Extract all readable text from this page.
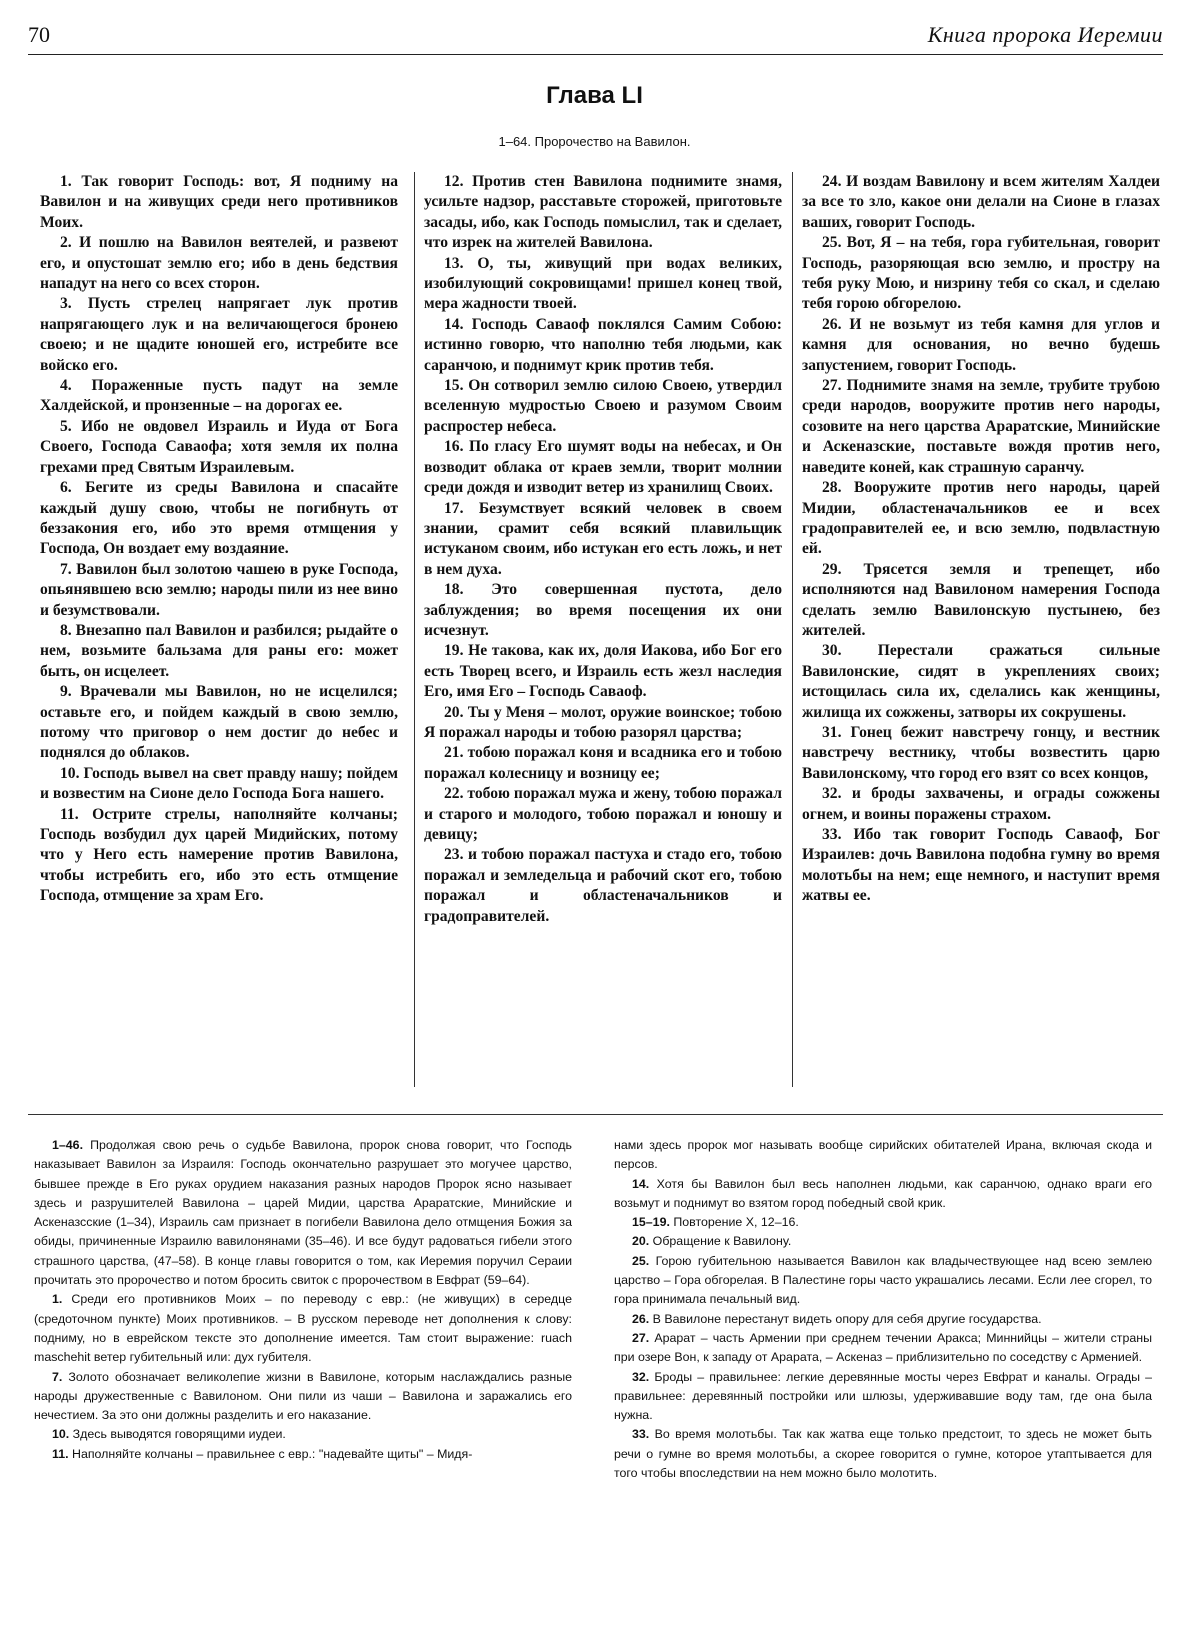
70	Книга пророка Иеремии
Глава LI
1–64. Пророчество на Вавилон.

1. Так говорит Господь: вот, Я подниму на Вавилон и на живущих среди него противников Моих.

2. И пошлю на Вавилон веятелей, и развеют его, и опустошат землю его; ибо в день бедствия нападут на него со всех сторон.

3. Пусть стрелец напрягает лук против напрягающего лук и на величающегося бронею своею; и не щадите юношей его, истребите все войско его.

4. Пораженные пусть падут на земле Халдейской, и пронзенные – на дорогах ее.

5. Ибо не овдовел Израиль и Иуда от Бога Своего, Господа Саваофа; хотя земля их полна грехами пред Святым Израилевым.

6. Бегите из среды Вавилона и спасайте каждый душу свою, чтобы не погибнуть от беззакония его, ибо это время отмщения у Господа, Он воздает ему воздаяние.

7. Вавилон был золотою чашею в руке Господа, опьянявшею всю землю; народы пили из нее вино и безумствовали.

8. Внезапно пал Вавилон и разбился; рыдайте о нем, возьмите бальзама для раны его: может быть, он исцелеет.

9. Врачевали мы Вавилон, но не исцелился; оставьте его, и пойдем каждый в свою землю, потому что приговор о нем достиг до небес и поднялся до облаков.

10. Господь вывел на свет правду нашу; пойдем и возвестим на Сионе дело Господа Бога нашего.

11. Острите стрелы, наполняйте колчаны; Господь возбудил дух царей Мидийских, потому что у Него есть намерение против Вавилона, чтобы истребить его, ибо это есть отмщение Господа, отмщение за храм Его.

12. Против стен Вавилона поднимите знамя, усильте надзор, расставьте сторожей, приготовьте засады, ибо, как Господь помыслил, так и сделает, что изрек на жителей Вавилона.

13. О, ты, живущий при водах великих, изобилующий сокровищами! пришел конец твой, мера жадности твоей.

14. Господь Саваоф поклялся Самим Собою: истинно говорю, что наполню тебя людьми, как саранчою, и поднимут крик против тебя.

15. Он сотворил землю силою Своею, утвердил вселенную мудростью Своею и разумом Своим распростер небеса.

16. По гласу Его шумят воды на небесах, и Он возводит облака от краев земли, творит молнии среди дождя и изводит ветер из хранилищ Своих.

17. Безумствует всякий человек в своем знании, срамит себя всякий плавильщик истуканом своим, ибо истукан его есть ложь, и нет в нем духа.

18. Это совершенная пустота, дело заблуждения; во время посещения их они исчезнут.

19. Не такова, как их, доля Иакова, ибо Бог его есть Творец всего, и Израиль есть жезл наследия Его, имя Его – Господь Саваоф.

20. Ты у Меня – молот, оружие воинское; тобою Я поражал народы и тобою разорял царства;

21. тобою поражал коня и всадника его и тобою поражал колесницу и возницу ее;

22. тобою поражал мужа и жену, тобою поражал и старого и молодого, тобою поражал и юношу и девицу;

23. и тобою поражал пастуха и стадо его, тобою поражал и земледельца и рабочий скот его, тобою поражал и областеначальников и градоправителей.

24. И воздам Вавилону и всем жителям Халдеи за все то зло, какое они делали на Сионе в глазах ваших, говорит Господь.

25. Вот, Я – на тебя, гора губительная, говорит Господь, разоряющая всю землю, и простру на тебя руку Мою, и низрину тебя со скал, и сделаю тебя горою обгорелою.

26. И не возьмут из тебя камня для углов и камня для основания, но вечно будешь запустением, говорит Господь.

27. Поднимите знамя на земле, трубите трубою среди народов, вооружите против него народы, созовите на него царства Араратские, Минийские и Аскеназские, поставьте вождя против него, наведите коней, как страшную саранчу.

28. Вооружите против него народы, царей Мидии, областеначальников ее и всех градоправителей ее, и всю землю, подвластную ей.

29. Трясется земля и трепещет, ибо исполняются над Вавилоном намерения Господа сделать землю Вавилонскую пустынею, без жителей.

30. Перестали сражаться сильные Вавилонские, сидят в укреплениях своих; истощилась сила их, сделались как женщины, жилища их сожжены, затворы их сокрушены.

31. Гонец бежит навстречу гонцу, и вестник навстречу вестнику, чтобы возвестить царю Вавилонскому, что город его взят со всех концов,

32. и броды захвачены, и ограды сожжены огнем, и воины поражены страхом.

33. Ибо так говорит Господь Саваоф, Бог Израилев: дочь Вавилона подобна гумну во время молотьбы на нем; еще немного, и наступит время жатвы ее.

1–46. Продолжая свою речь о судьбе Вавилона, пророк снова говорит, что Господь наказывает Вавилон за Израиля: Господь окончательно разрушает это могучее царство, бывшее прежде в Его руках орудием наказания разных народов Пророк ясно называет здесь и разрушителей Вавилона – царей Мидии, царства Араратские, Минийские и Аскеназсские (1–34), Израиль сам признает в погибели Вавилона дело отмщения Божия за обиды, причиненные Израилю вавилонянами (35–46). И все будут радоваться гибели этого страшного царства, (47–58). В конце главы говорится о том, как Иеремия поручил Сераии прочитать это пророчество и потом бросить свиток с пророчеством в Евфрат (59–64).

1. Среди его противников Моих – по переводу с евр.: (не живущих) в середце (средоточном пункте) Моих противников. – В русском переводе нет дополнения к слову: подниму, но в еврейском тексте это дополнение имеется. Там стоит выражение: ruach maschehit ветер губительный или: дух губителя.

7. Золото обозначает великолепие жизни в Вавилоне, которым наслаждались разные народы дружественные с Вавилоном. Они пили из чаши – Вавилона и заражались его нечестием. За это они должны разделить и его наказание.

10. Здесь выводятся говорящими иудеи.

11. Наполняйте колчаны – правильнее с евр.: "надевайте щиты" – Мидя-

нами здесь пророк мог называть вообще сирийских обитателей Ирана, включая скода и персов.

14. Хотя бы Вавилон был весь наполнен людьми, как саранчою, однако враги его возьмут и поднимут во взятом город победный свой крик.

15–19. Повторение X, 12–16.

20. Обращение к Вавилону.

25. Горою губительною называется Вавилон как владычествующее над всею землею царство – Гора обгорелая. В Палестине горы часто украшались лесами. Если лее сгорел, то гора принимала печальный вид.

26. В Вавилоне перестанут видеть опору для себя другие государства.

27. Арарат – часть Армении при среднем течении Аракса; Миннийцы – жители страны при озере Вон, к западу от Арарата, – Аскеназ – приблизительно по соседству с Арменией.

32. Броды – правильнее: легкие деревянные мосты через Евфрат и каналы. Ограды – правильнее: деревянный постройки или шлюзы, удерживавшие воду там, где она была нужна.

33. Во время молотьбы. Так как жатва еще только предстоит, то здесь не может быть речи о гумне во время молотьбы, а скорее говорится о гумне, которое утаптывается для того чтобы впоследствии на нем можно было молотить.
